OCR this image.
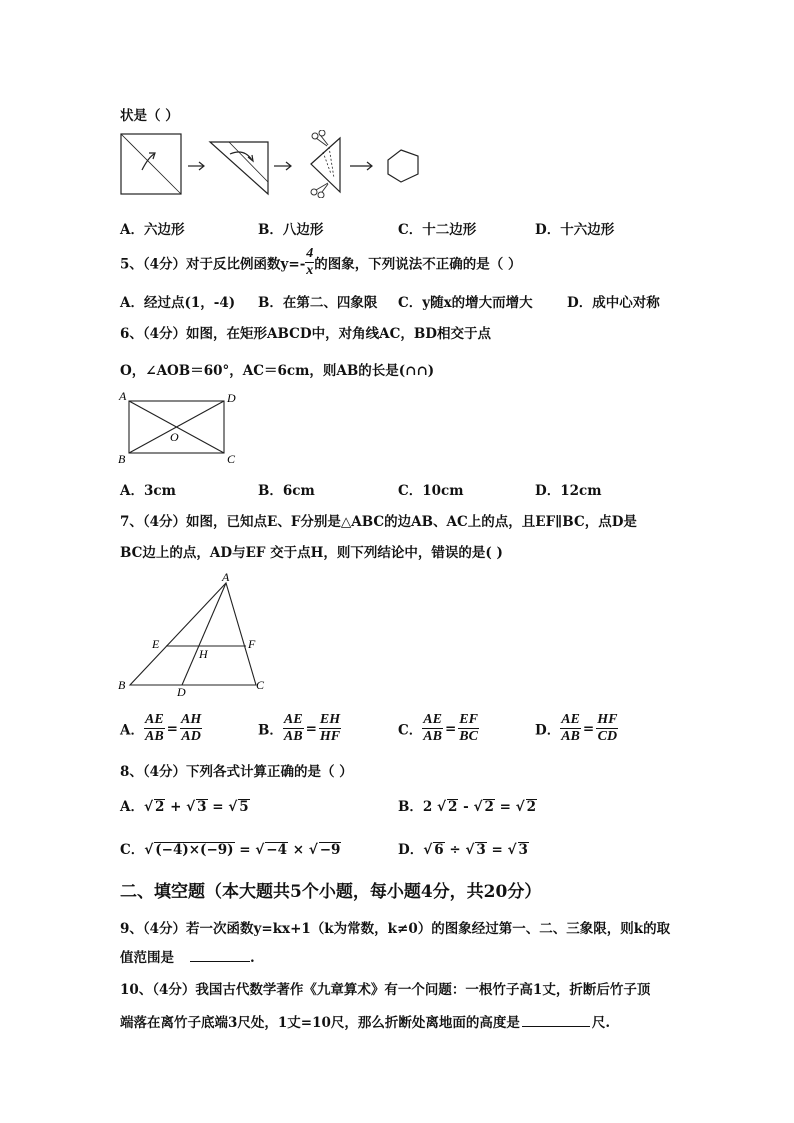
状是（ ）
A．六边形	B．八边形	C．十二边形	D．十六边形
5、（4分）对于反比例函数$y=- \frac{4}{x}$ 的图象，下列说法不正确的是（ ）
A．经过点(1，-4) B．在第二、四象限 C．y随x的增大而增大	D．成中心对称
6、（4分）如图，在矩形ABCD中，对角线AC，BD相交于点
O，∠AOB＝60°，AC＝6cm，则AB的长是(∩∩)
A	D
O
B	C
A．3cm	B．6cm	C．10cm	D．12cm
7、（4分）如图，已知点E、F分别是△ABC的边AB、AC上的点，且EF∥BC，点D是
BC边上的点，AD与EF 交于点H，则下列结论中，错误的是( )
A
E	F
H
B	D	C
A． $\frac{AE}{AB} = \frac{AH}{AD}$	B． $\frac{AE}{AB} = \frac{EH}{HF}$	C． $\frac{AE}{AB} = \frac{EF}{BC}$	D． $\frac{AE}{AB} = \frac{HF}{CD}$
8、（4分）下列各式计算正确的是（ ）
A．√ 2 + √ 3 = √ 5	B．2 √ 2 - √ 2 = √ 2
C．√ (−4)×(−9) = √ −4 × √ −9	D．√ 6 ÷ √ 3 = √ 3
二、填空题（本大题共5个小题，每小题4分，共20分）
9、（4分）若一次函数y=kx+1（k为常数，k≠0）的图象经过第一、二、三象限，则k的取
值范围是	.
10、（4分）我国古代数学著作《九章算术》有一个问题：一根竹子高1丈，折断后竹子顶
端落在离竹子底端3尺处，1丈=10尺，那么折断处离地面的高度是	尺.
